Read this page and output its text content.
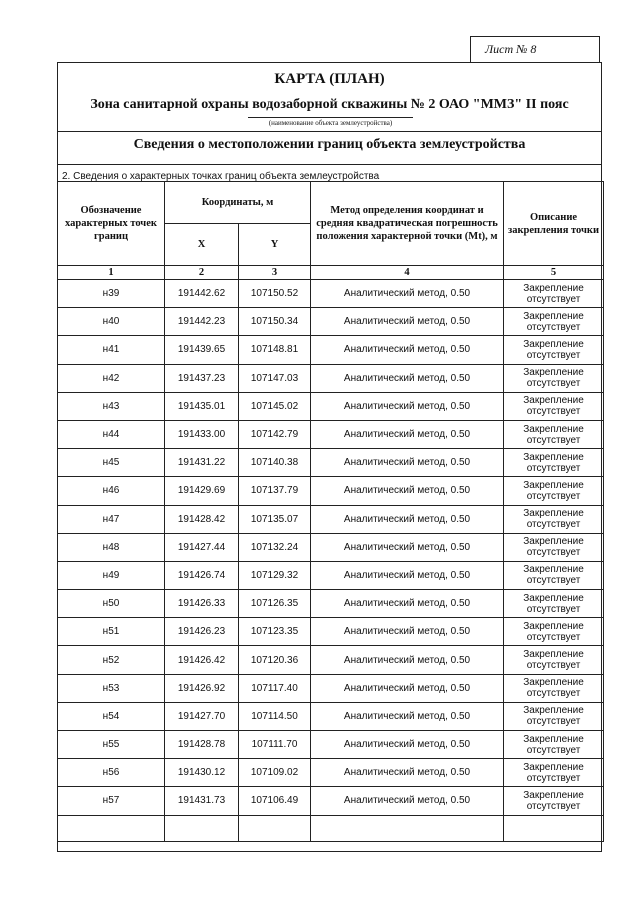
Лист № 8
КАРТА (ПЛАН)
Зона санитарной охраны водозаборной скважины № 2 ОАО "ММЗ" II пояс
(наименование объекта землеустройства)
Сведения о местоположении границ объекта землеустройства
2. Сведения о характерных точках границ объекта землеустройства
Обозначение характерных точек границ	Координаты, м		Метод определения координат и средняя квадратическая погрешность положения характерной точки (Mt), м	Описание закрепления точки
	X	Y		
1	2	3	4	5
н39	191442.62	107150.52	Аналитический метод, 0.50	Закрепление отсутствует
н40	191442.23	107150.34	Аналитический метод, 0.50	Закрепление отсутствует
н41	191439.65	107148.81	Аналитический метод, 0.50	Закрепление отсутствует
н42	191437.23	107147.03	Аналитический метод, 0.50	Закрепление отсутствует
н43	191435.01	107145.02	Аналитический метод, 0.50	Закрепление отсутствует
н44	191433.00	107142.79	Аналитический метод, 0.50	Закрепление отсутствует
н45	191431.22	107140.38	Аналитический метод, 0.50	Закрепление отсутствует
н46	191429.69	107137.79	Аналитический метод, 0.50	Закрепление отсутствует
н47	191428.42	107135.07	Аналитический метод, 0.50	Закрепление отсутствует
н48	191427.44	107132.24	Аналитический метод, 0.50	Закрепление отсутствует
н49	191426.74	107129.32	Аналитический метод, 0.50	Закрепление отсутствует
н50	191426.33	107126.35	Аналитический метод, 0.50	Закрепление отсутствует
н51	191426.23	107123.35	Аналитический метод, 0.50	Закрепление отсутствует
н52	191426.42	107120.36	Аналитический метод, 0.50	Закрепление отсутствует
н53	191426.92	107117.40	Аналитический метод, 0.50	Закрепление отсутствует
н54	191427.70	107114.50	Аналитический метод, 0.50	Закрепление отсутствует
н55	191428.78	107111.70	Аналитический метод, 0.50	Закрепление отсутствует
н56	191430.12	107109.02	Аналитический метод, 0.50	Закрепление отсутствует
н57	191431.73	107106.49	Аналитический метод, 0.50	Закрепление отсутствует
